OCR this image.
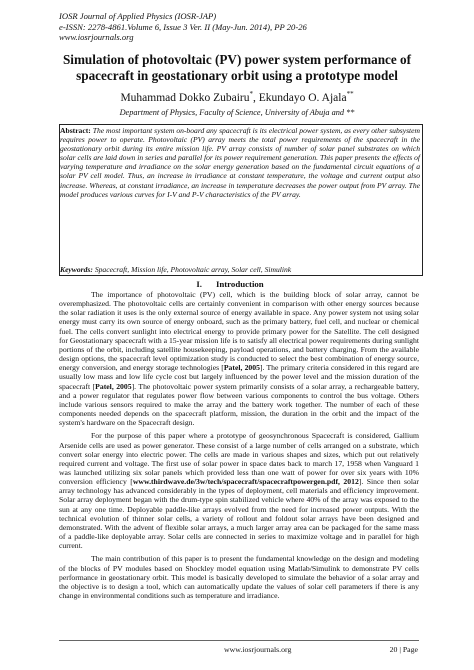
IOSR Journal of Applied Physics (IOSR-JAP)
e-ISSN: 2278-4861.Volume 6, Issue 3 Ver. II (May-Jun. 2014), PP 20-26
www.iosrjournals.org
Simulation of photovoltaic (PV) power system performance of spacecraft in geostationary orbit using a prototype model
Muhammad Dokko Zubairu*, Ekundayo O. Ajala**
Department of Physics, Faculty of Science, University of Abuja and **
Abstract: The most important system on-board any spacecraft is its electrical power system, as every other subsystem requires power to operate. Photovoltaic (PV) array meets the total power requirements of the spacecraft in the geostationary orbit during its entire mission life. PV array consists of number of solar panel substrates on which solar cells are laid down in series and parallel for its power requirement generation. This paper presents the effects of varying temperature and irradiance on the solar energy generation based on the fundamental circuit equations of a solar PV cell model. Thus, an increase in irradiance at constant temperature, the voltage and current output also increase. Whereas, at constant irradiance, an increase in temperature decreases the power output from PV array. The model produces various curves for I-V and P-V characteristics of the PV array.
Keywords: Spacecraft, Mission life, Photovoltaic array, Solar cell, Simulink
I. Introduction

The importance of photovoltaic (PV) cell, which is the building block of solar array, cannot be overemphasized. The photovoltaic cells are certainly convenient in comparison with other energy sources because the solar radiation it uses is the only external source of energy available in space. Any power system not using solar energy must carry its own source of energy onboard, such as the primary battery, fuel cell, and nuclear or chemical fuel. The cells convert sunlight into electrical energy to provide primary power for the Satellite. The cell designed for Geostationary spacecraft with a 15-year mission life is to satisfy all electrical power requirements during sunlight portions of the orbit, including satellite housekeeping, payload operations, and battery charging. From the available design options, the spacecraft level optimization study is conducted to select the best combination of energy source, energy conversion, and energy storage technologies [Patel, 2005]. The primary criteria considered in this regard are usually low mass and low life cycle cost but largely influenced by the power level and the mission duration of the spacecraft [Patel, 2005]. The photovoltaic power system primarily consists of a solar array, a rechargeable battery, and a power regulator that regulates power flow between various components to control the bus voltage. Others include various sensors required to make the array and the battery work together. The number of each of these components needed depends on the spacecraft platform, mission, the duration in the orbit and the impact of the system's hardware on the Spacecraft design.

For the purpose of this paper where a prototype of geosynchronous Spacecraft is considered, Gallium Arsenide cells are used as power generator. These consist of a large number of cells arranged on a substrate, which convert solar energy into electric power. The cells are made in various shapes and sizes, which put out relatively required current and voltage. The first use of solar power in space dates back to march 17, 1958 when Vanguard 1 was launched utilizing six solar panels which provided less than one watt of power for over six years with 10% conversion efficiency [www.thirdwave.de/3w/tech/spacecraft/spacecraftpowergen.pdf, 2012]. Since then solar array technology has advanced considerably in the types of deployment, cell materials and efficiency improvement. Solar array deployment began with the drum-type spin stabilized vehicle where 40% of the array was exposed to the sun at any one time. Deployable paddle-like arrays evolved from the need for increased power outputs. With the technical evolution of thinner solar cells, a variety of rollout and foldout solar arrays have been designed and demonstrated. With the advent of flexible solar arrays, a much larger array area can be packaged for the same mass of a paddle-like deployable array. Solar cells are connected in series to maximize voltage and in parallel for high current.

The main contribution of this paper is to present the fundamental knowledge on the design and modeling of the blocks of PV modules based on Shockley model equation using Matlab/Simulink to demonstrate PV cells performance in geostationary orbit. This model is basically developed to simulate the behavior of a solar array and the objective is to design a tool, which can automatically update the values of solar cell parameters if there is any change in environmental conditions such as temperature and irradiance.

www.iosrjournals.org	20 | Page
